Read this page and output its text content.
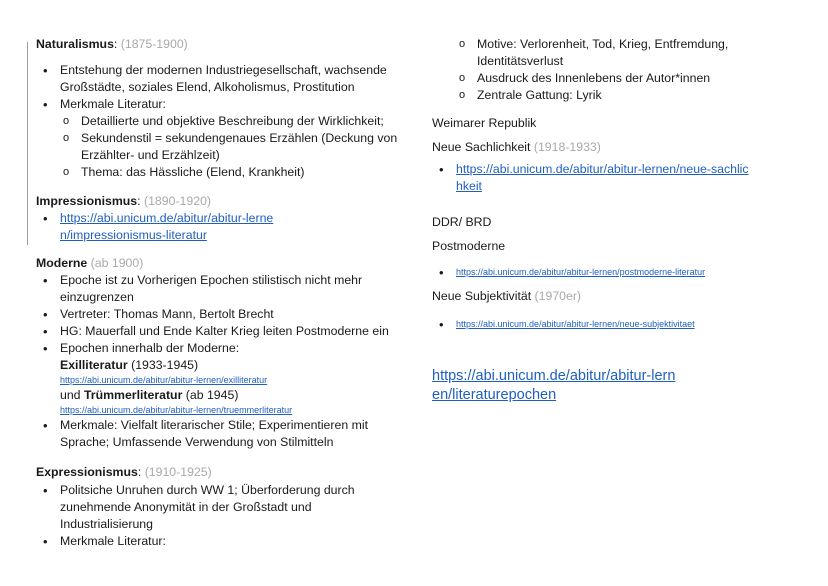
Naturalismus: (1875-1900)
• Entstehung der modernen Industriegesellschaft, wachsende Großstädte, soziales Elend, Alkoholismus, Prostitution
• Merkmale Literatur:
o Detaillierte und objektive Beschreibung der Wirklichkeit;
o Sekundenstil = sekundengenaues Erzählen (Deckung von Erzählter- und Erzählzeit)
o Thema: das Hässliche (Elend, Krankheit)
Impressionismus: (1890-1920)
• https://abi.unicum.de/abitur/abitur-lernen/impressionismus-literatur
Moderne (ab 1900)
• Epoche ist zu Vorherigen Epochen stilistisch nicht mehr einzugrenzen
• Vertreter: Thomas Mann, Bertolt Brecht
• HG: Mauerfall und Ende Kalter Krieg leiten Postmoderne ein
• Epochen innerhalb der Moderne:
Exilliteratur (1933-1945)
https://abi.unicum.de/abitur/abitur-lernen/exilliteratur
und Trümmerliteratur (ab 1945)
https://abi.unicum.de/abitur/abitur-lernen/truemmerliteratur
• Merkmale: Vielfalt literarischer Stile; Experimentieren mit Sprache; Umfassende Verwendung von Stilmitteln
Expressionismus: (1910-1925)
• Politsiche Unruhen durch WW 1; Überforderung durch zunehmende Anonymität in der Großstadt und Industrialisierung
• Merkmale Literatur:
o Motive: Verlorenheit, Tod, Krieg, Entfremdung, Identitätsverlust
o Ausdruck des Innenlebens der Autor*innen
o Zentrale Gattung: Lyrik
Weimarer Republik
Neue Sachlichkeit (1918-1933)
• https://abi.unicum.de/abitur/abitur-lernen/neue-sachlichkeit
DDR/ BRD
Postmoderne
• https://abi.unicum.de/abitur/abitur-lernen/postmoderne-literatur
Neue Subjektivität (1970er)
• https://abi.unicum.de/abitur/abitur-lernen/neue-subjektivitaet
https://abi.unicum.de/abitur/abitur-lernen/literaturepochen
